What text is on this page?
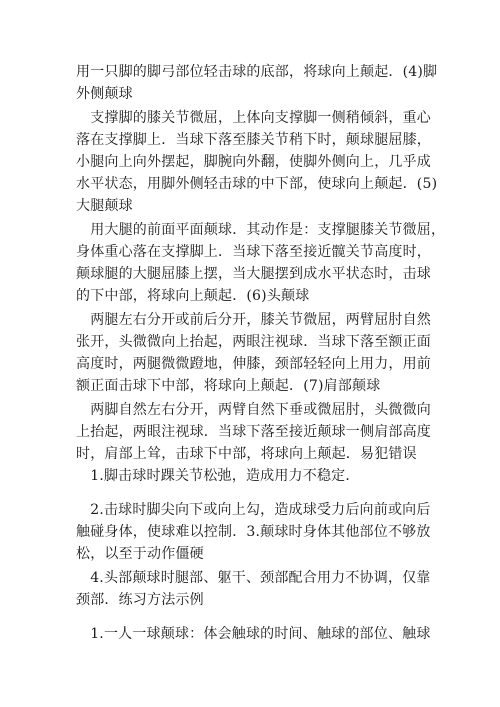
用一只脚的脚弓部位轻击球的底部，将球向上颠起．(4)脚
外侧颠球
　支撑脚的膝关节微屈，上体向支撑脚一侧稍倾斜，重心
落在支撑脚上．当球下落至膝关节稍下时，颠球腿屈膝，
小腿向上向外摆起，脚腕向外翻，使脚外侧向上，几乎成
水平状态，用脚外侧轻击球的中下部，使球向上颠起．(5)
大腿颠球
　用大腿的前面平面颠球．其动作是：支撑腿膝关节微屈，
身体重心落在支撑脚上．当球下落至接近髋关节高度时，
颠球腿的大腿屈膝上摆，当大腿摆到成水平状态时，击球
的下中部，将球向上颠起．(6)头颠球
　两腿左右分开或前后分开，膝关节微屈，两臂屈肘自然
张开，头微微向上抬起，两眼注视球．当球下落至额正面
高度时，两腿微微蹬地，伸膝，颈部轻轻向上用力，用前
额正面击球下中部，将球向上颠起．(7)肩部颠球
　两脚自然左右分开，两臂自然下垂或微屈肘，头微微向
上抬起，两眼注视球．当球下落至接近颠球一侧肩部高度
时，肩部上耸，击球下中部，将球向上颠起．易犯错误
　1.脚击球时踝关节松弛，造成用力不稳定．
　2.击球时脚尖向下或向上勾，造成球受力后向前或向后
触碰身体，使球难以控制．3.颠球时身体其他部位不够放
松，以至于动作僵硬
　4.头部颠球时腿部、躯干、颈部配合用力不协调，仅靠
颈部．练习方法示例
　1.一人一球颠球：体会触球的时间、触球的部位、触球
